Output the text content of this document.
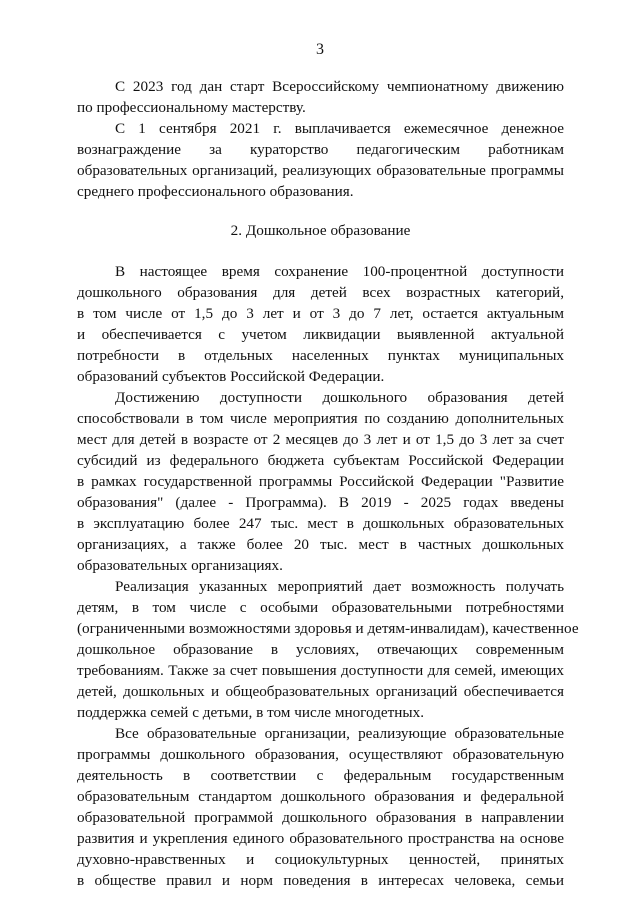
3
С 2023 год дан старт Всероссийскому чемпионатному движению
по профессиональному мастерству.
С 1 сентября 2021 г. выплачивается ежемесячное денежное
вознаграждение за кураторство педагогическим работникам
образовательных организаций, реализующих образовательные программы
среднего профессионального образования.
2. Дошкольное образование
В настоящее время сохранение 100-процентной доступности
дошкольного образования для детей всех возрастных категорий,
в том числе от 1,5 до 3 лет и от 3 до 7 лет, остается актуальным
и обеспечивается с учетом ликвидации выявленной актуальной
потребности в отдельных населенных пунктах муниципальных
образований субъектов Российской Федерации.
Достижению доступности дошкольного образования детей
способствовали в том числе мероприятия по созданию дополнительных
мест для детей в возрасте от 2 месяцев до 3 лет и от 1,5 до 3 лет за счет
субсидий из федерального бюджета субъектам Российской Федерации
в рамках государственной программы Российской Федерации "Развитие
образования" (далее - Программа). В 2019 - 2025 годах введены
в эксплуатацию более 247 тыс. мест в дошкольных образовательных
организациях, а также более 20 тыс. мест в частных дошкольных
образовательных организациях.
Реализация указанных мероприятий дает возможность получать
детям, в том числе с особыми образовательными потребностями
(ограниченными возможностями здоровья и детям-инвалидам), качественное
дошкольное образование в условиях, отвечающих современным
требованиям. Также за счет повышения доступности для семей, имеющих
детей, дошкольных и общеобразовательных организаций обеспечивается
поддержка семей с детьми, в том числе многодетных.
Все образовательные организации, реализующие образовательные
программы дошкольного образования, осуществляют образовательную
деятельность в соответствии с федеральным государственным
образовательным стандартом дошкольного образования и федеральной
образовательной программой дошкольного образования в направлении
развития и укрепления единого образовательного пространства на основе
духовно-нравственных и социокультурных ценностей, принятых
в обществе правил и норм поведения в интересах человека, семьи
